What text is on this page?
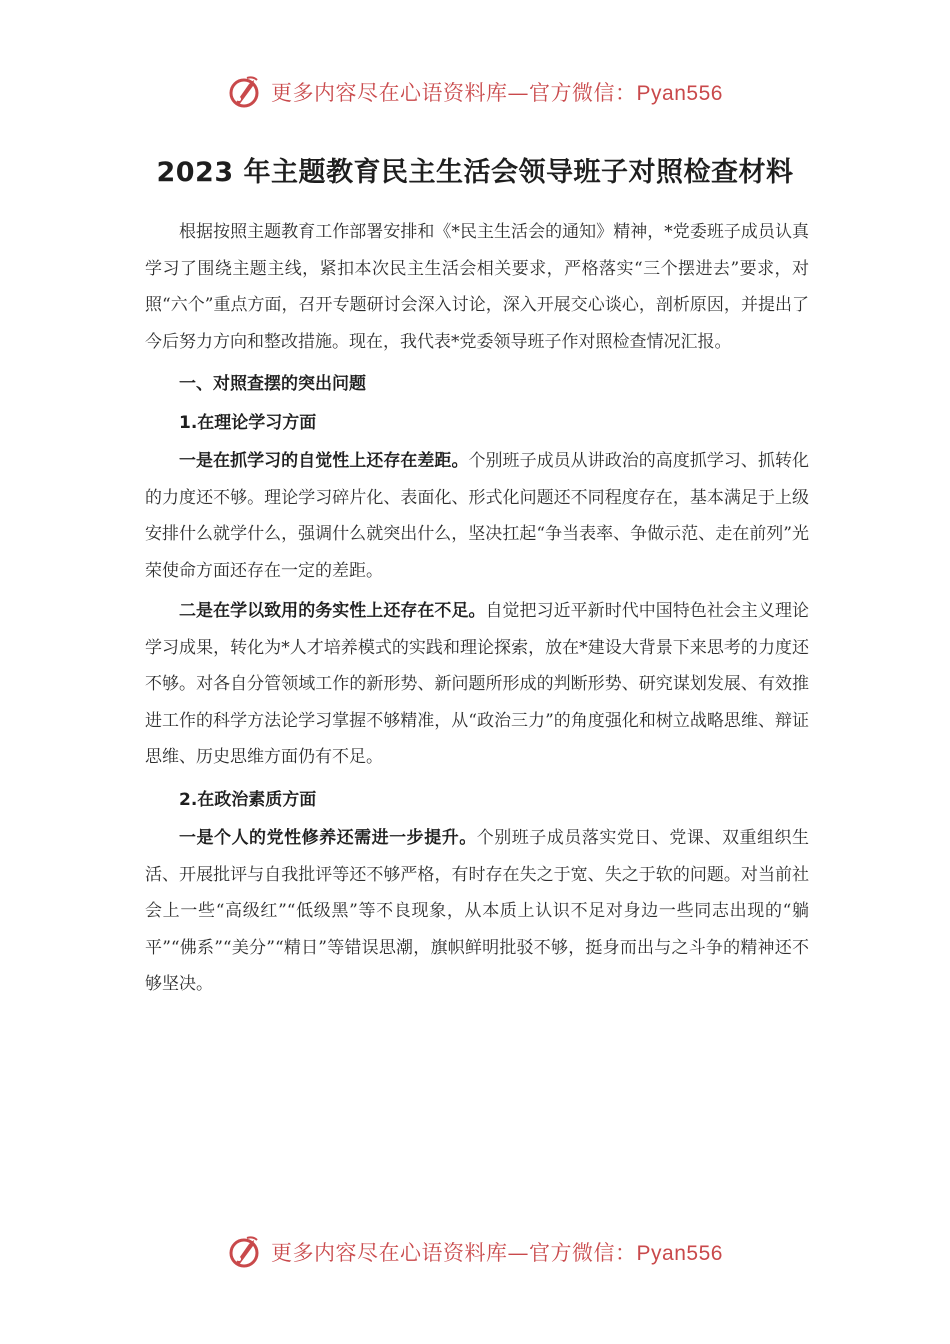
更多内容尽在心语资料库—官方微信：Pyan556
2023 年主题教育民主生活会领导班子对照检查材料

根据按照主题教育工作部署安排和《*民主生活会的通知》精神，*党委班子成员认真学习了围绕主题主线，紧扣本次民主生活会相关要求，严格落实“三个摆进去”要求，对照“六个”重点方面，召开专题研讨会深入讨论，深入开展交心谈心，剖析原因，并提出了今后努力方向和整改措施。现在，我代表*党委领导班子作对照检查情况汇报。

一、对照查摆的突出问题

1.在理论学习方面

一是在抓学习的自觉性上还存在差距。个别班子成员从讲政治的高度抓学习、抓转化的力度还不够。理论学习碎片化、表面化、形式化问题还不同程度存在，基本满足于上级安排什么就学什么，强调什么就突出什么，坚决扛起“争当表率、争做示范、走在前列”光荣使命方面还存在一定的差距。

二是在学以致用的务实性上还存在不足。自觉把习近平新时代中国特色社会主义理论学习成果，转化为*人才培养模式的实践和理论探索，放在*建设大背景下来思考的力度还不够。对各自分管领域工作的新形势、新问题所形成的判断形势、研究谋划发展、有效推进工作的科学方法论学习掌握不够精准，从“政治三力”的角度强化和树立战略思维、辩证思维、历史思维方面仍有不足。

2.在政治素质方面

一是个人的党性修养还需进一步提升。个别班子成员落实党日、党课、双重组织生活、开展批评与自我批评等还不够严格，有时存在失之于宽、失之于软的问题。对当前社会上一些“高级红”“低级黑”等不良现象，从本质上认识不足对身边一些同志出现的“躺平”“佛系”“美分”“精日”等错误思潮，旗帜鲜明批驳不够，挺身而出与之斗争的精神还不够坚决。

更多内容尽在心语资料库—官方微信：Pyan556
